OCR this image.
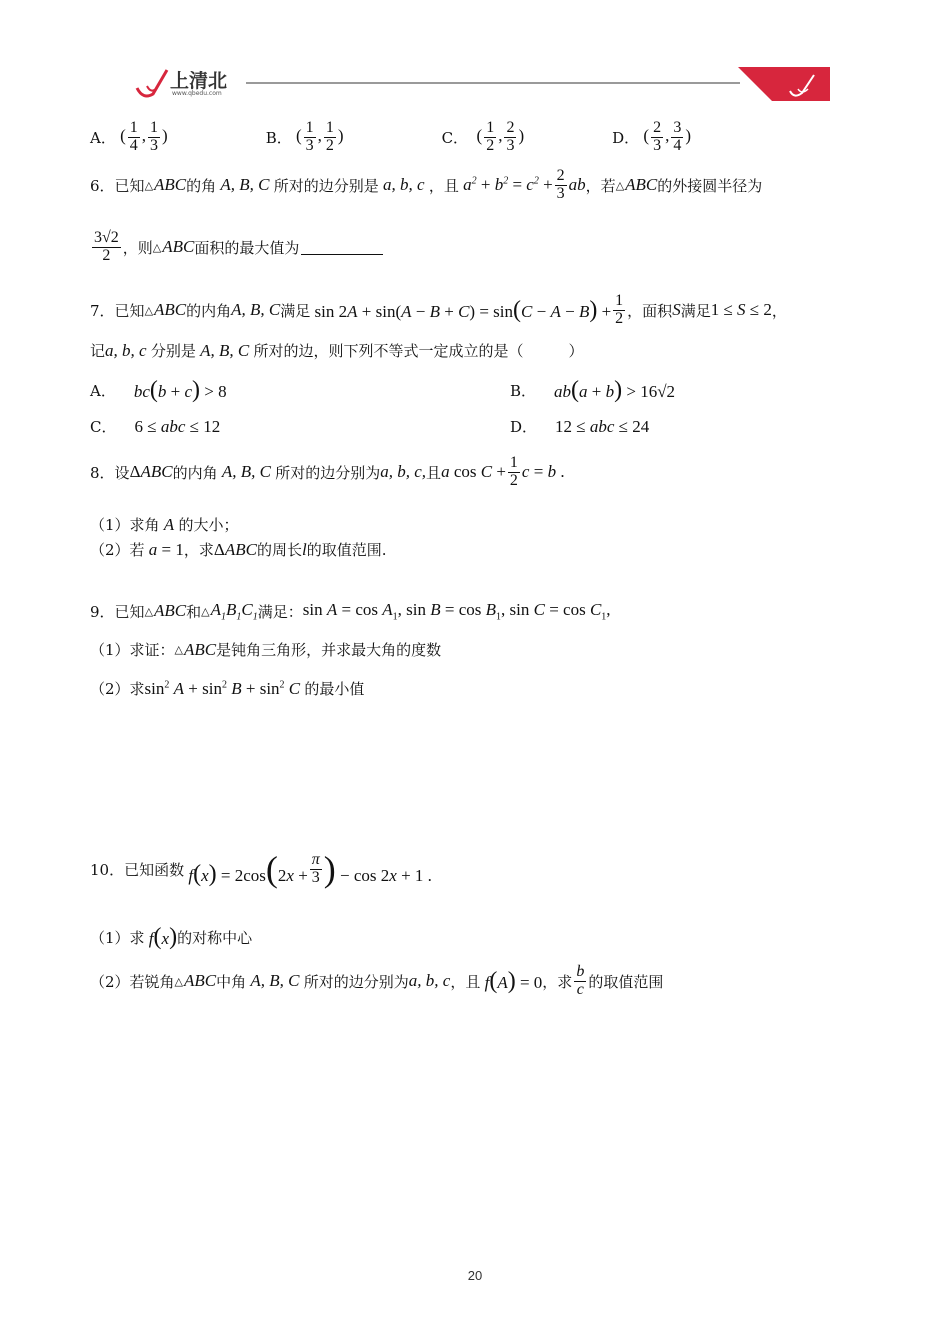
上清北
www.qbedu.com
A． ( $\frac{1}{4}$ , $\frac{1}{3}$ )	B． ( $\frac{1}{3}$ , $\frac{1}{2}$ )	C． ( $\frac{1}{2}$ , $\frac{2}{3}$ )	D． ( $\frac{2}{3}$ , $\frac{3}{4}$ )
6． 已知 △ ABC 的角 A, B, C 所对的边分别是 a, b, c ，且 $a^2 + b^2 = c^2 + \frac{2}{3}$ ab ，若 △ ABC 的外接圆半径为
$\frac{3√2}{2}$ ，则 △ ABC 面积的最大值为
7． 已知 △ ABC 的内角 A, B, C 满足 $\sin 2A + \sin(A - B + C) = \sin(C - A - B) + \frac{1}{2}$ ，面积 S 满足 1 ≤ S ≤ 2 ，
记 a, b, c 分别是 A, B, C 所对的边，则下列不等式一定成立的是（　　　）
A． bc(b + c) > 8	B． ab(a + b) > 16√2
C． 6 ≤ abc ≤ 12	D． 12 ≤ abc ≤ 24
8． 设 ΔABC 的内角 A, B, C 所对的边分别为 a, b, c, 且 a $\cos C + \frac{1}{2}$ c = b .
（1）求角 A 的大小；
（2）若 a = 1 ，求 ΔABC 的周长 l 的取值范围.
9． 已知 △ ABC 和 △ $A_1B_1C_1$ 满足： $\sin A = \cos A_1$, $\sin B = \cos B_1$, $\sin C = \cos C_1$,
（1）求证： △ ABC 是钝角三角形，并求最大角的度数
（2）求 $\sin^2 A + \sin^2 B + \sin^2 C$ 的最小值
10． 已知函数 $f(x) = 2\cos(2x + \frac{\pi}{3}$ ) − cos 2x + 1 .
（1）求 f(x) 的对称中心
（2）若锐角 △ ABC 中角 A, B, C 所对的边分别为 a, b, c ，且 f(A) = 0 ，求 $\frac{b}{c}$ 的取值范围
20
